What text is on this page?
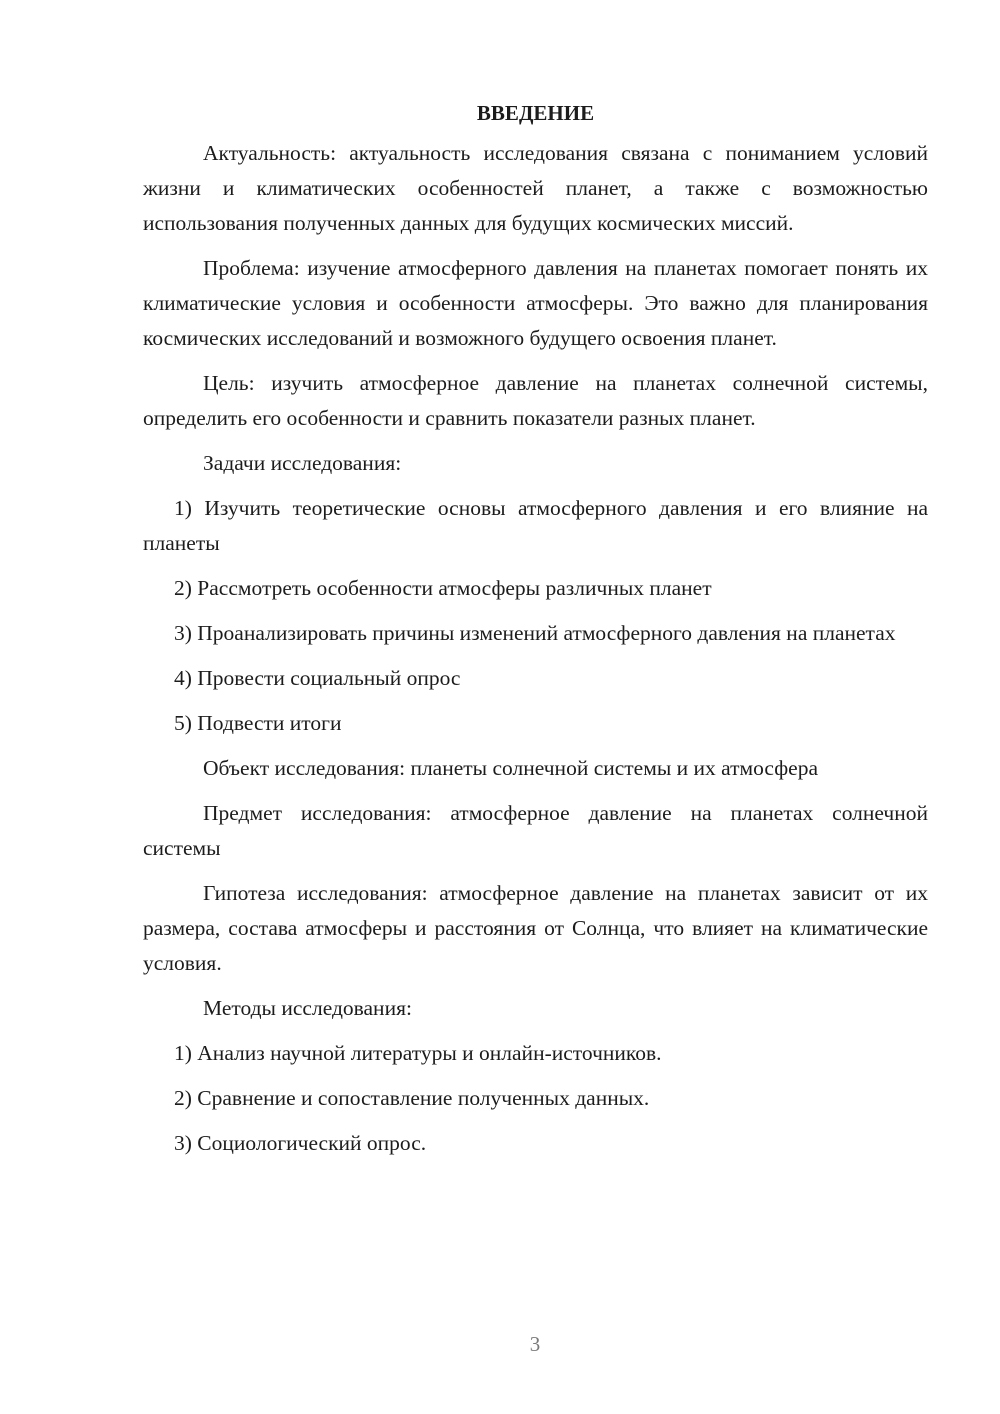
ВВЕДЕНИЕ
Актуальность: актуальность исследования связана с пониманием условий жизни и климатических особенностей планет, а также с возможностью использования полученных данных для будущих космических миссий.
Проблема: изучение атмосферного давления на планетах помогает понять их климатические условия и особенности атмосферы. Это важно для планирования космических исследований и возможного будущего освоения планет.
Цель: изучить атмосферное давление на планетах солнечной системы, определить его особенности и сравнить показатели разных планет.
Задачи исследования:
1) Изучить теоретические основы атмосферного давления и его влияние на планеты
2) Рассмотреть особенности атмосферы различных планет
3) Проанализировать причины изменений атмосферного давления на планетах
4) Провести социальный опрос
5) Подвести итоги
Объект исследования: планеты солнечной системы и их атмосфера
Предмет исследования: атмосферное давление на планетах солнечной системы
Гипотеза исследования: атмосферное давление на планетах зависит от их размера, состава атмосферы и расстояния от Солнца, что влияет на климатические условия.
Методы исследования:
1) Анализ научной литературы и онлайн-источников.
2) Сравнение и сопоставление полученных данных.
3) Социологический опрос.
3
